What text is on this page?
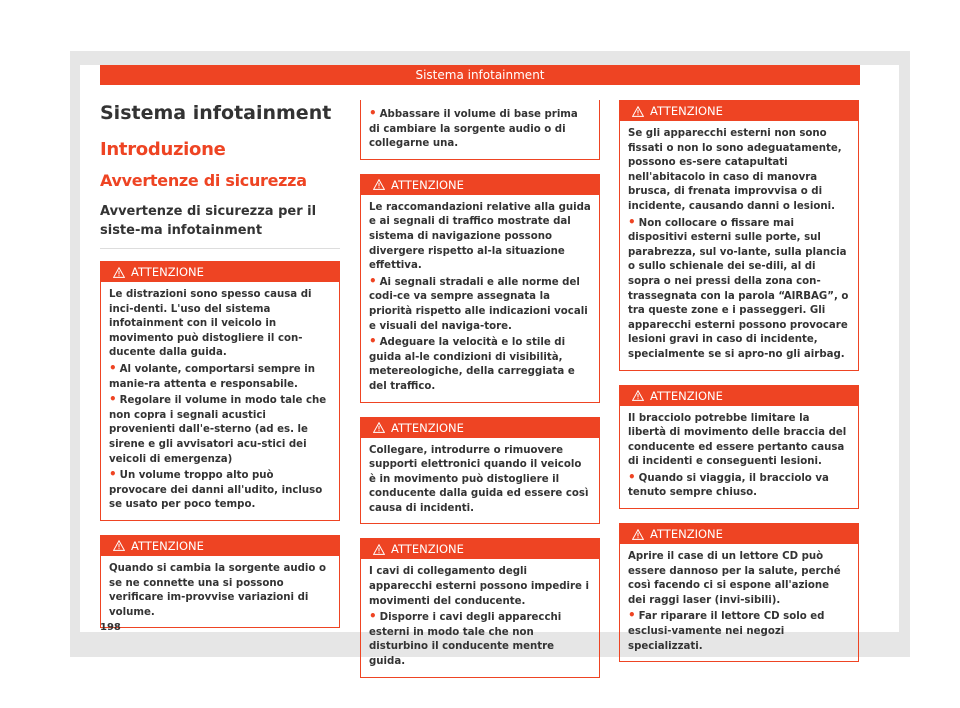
Sistema infotainment
Sistema infotainment
Introduzione
Avvertenze di sicurezza
Avvertenze di sicurezza per il siste-ma infotainment
ATTENZIONE

Le distrazioni sono spesso causa di inci-denti. L'uso del sistema infotainment con il veicolo in movimento può distogliere il con-ducente dalla guida.

• Al volante, comportarsi sempre in manie-ra attenta e responsabile.

• Regolare il volume in modo tale che non copra i segnali acustici provenienti dall'e-sterno (ad es. le sirene e gli avvisatori acu-stici dei veicoli di emergenza)

• Un volume troppo alto può provocare dei danni all'udito, incluso se usato per poco tempo.

ATTENZIONE

Quando si cambia la sorgente audio o se ne connette una si possono verificare im-provvise variazioni di volume.

• Abbassare il volume di base prima di cambiare la sorgente audio o di collegarne una.

ATTENZIONE

Le raccomandazioni relative alla guida e ai segnali di traffico mostrate dal sistema di navigazione possono divergere rispetto al-la situazione effettiva.

• Ai segnali stradali e alle norme del codi-ce va sempre assegnata la priorità rispetto alle indicazioni vocali e visuali del naviga-tore.

• Adeguare la velocità e lo stile di guida al-le condizioni di visibilità, metereologiche, della carreggiata e del traffico.

ATTENZIONE

Collegare, introdurre o rimuovere supporti elettronici quando il veicolo è in movimento può distogliere il conducente dalla guida ed essere così causa di incidenti.

ATTENZIONE

I cavi di collegamento degli apparecchi esterni possono impedire i movimenti del conducente.

• Disporre i cavi degli apparecchi esterni in modo tale che non disturbino il conducente mentre guida.

ATTENZIONE

Se gli apparecchi esterni non sono fissati o non lo sono adeguatamente, possono es-sere catapultati nell'abitacolo in caso di manovra brusca, di frenata improvvisa o di incidente, causando danni o lesioni.

• Non collocare o fissare mai dispositivi esterni sulle porte, sul parabrezza, sul vo-lante, sulla plancia o sullo schienale dei se-dili, al di sopra o nei pressi della zona con-trassegnata con la parola “AIRBAG”, o tra queste zone e i passeggeri. Gli apparecchi esterni possono provocare lesioni gravi in caso di incidente, specialmente se si apro-no gli airbag.

ATTENZIONE

Il bracciolo potrebbe limitare la libertà di movimento delle braccia del conducente ed essere pertanto causa di incidenti e conseguenti lesioni.

• Quando si viaggia, il bracciolo va tenuto sempre chiuso.

ATTENZIONE

Aprire il case di un lettore CD può essere dannoso per la salute, perché così facendo ci si espone all'azione dei raggi laser (invi-sibili).

• Far riparare il lettore CD solo ed esclusi-vamente nei negozi specializzati.

198
